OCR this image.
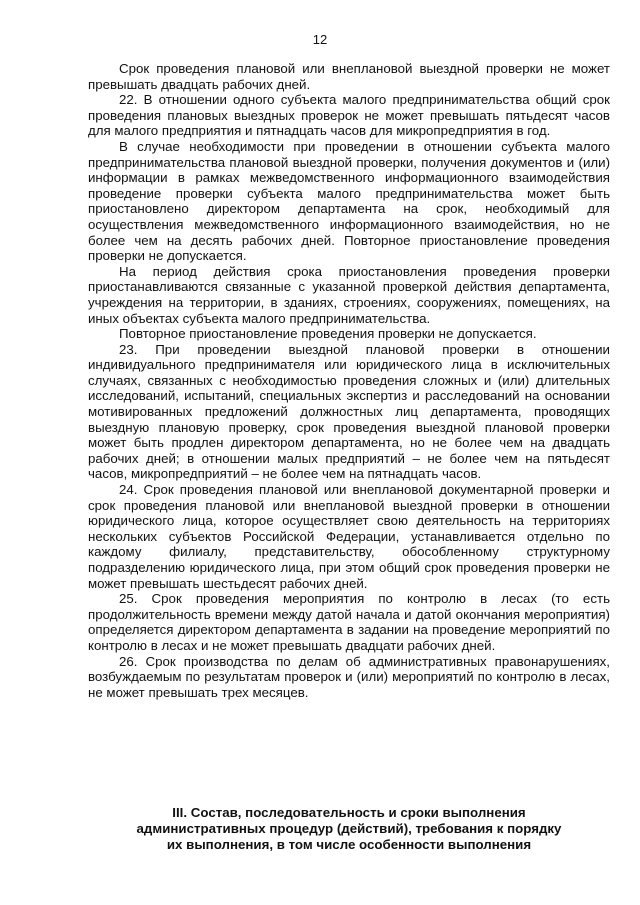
12

Срок проведения плановой или внеплановой выездной проверки не может превышать двадцать рабочих дней.

22. В отношении одного субъекта малого предпринимательства общий срок проведения плановых выездных проверок не может превышать пятьдесят часов для малого предприятия и пятнадцать часов для микропредприятия в год.

В случае необходимости при проведении в отношении субъекта малого предпринимательства плановой выездной проверки, получения документов и (или) информации в рамках межведомственного информационного взаимодействия проведение проверки субъекта малого предпринимательства может быть приостановлено директором департамента на срок, необходимый для осуществления межведомственного информационного взаимодействия, но не более чем на десять рабочих дней. Повторное приостановление проведения проверки не допускается.

На период действия срока приостановления проведения проверки приостанавливаются связанные с указанной проверкой действия департамента, учреждения на территории, в зданиях, строениях, сооружениях, помещениях, на иных объектах субъекта малого предпринимательства.

Повторное приостановление проведения проверки не допускается.

23. При проведении выездной плановой проверки в отношении индивидуального предпринимателя или юридического лица в исключительных случаях, связанных с необходимостью проведения сложных и (или) длительных исследований, испытаний, специальных экспертиз и расследований на основании мотивированных предложений должностных лиц департамента, проводящих выездную плановую проверку, срок проведения выездной плановой проверки может быть продлен директором департамента, но не более чем на двадцать рабочих дней; в отношении малых предприятий – не более чем на пятьдесят часов, микропредприятий – не более чем на пятнадцать часов.

24. Срок проведения плановой или внеплановой документарной проверки и срок проведения плановой или внеплановой выездной проверки в отношении юридического лица, которое осуществляет свою деятельность на территориях нескольких субъектов Российской Федерации, устанавливается отдельно по каждому филиалу, представительству, обособленному структурному подразделению юридического лица, при этом общий срок проведения проверки не может превышать шестьдесят рабочих дней.

25. Срок проведения мероприятия по контролю в лесах (то есть продолжительность времени между датой начала и датой окончания мероприятия) определяется директором департамента в задании на проведение мероприятий по контролю в лесах и не может превышать двадцати рабочих дней.

26. Срок производства по делам об административных правонарушениях, возбуждаемым по результатам проверок и (или) мероприятий по контролю в лесах, не может превышать трех месяцев.

III. Состав, последовательность и сроки выполнения
административных процедур (действий), требования к порядку
их выполнения, в том числе особенности выполнения
